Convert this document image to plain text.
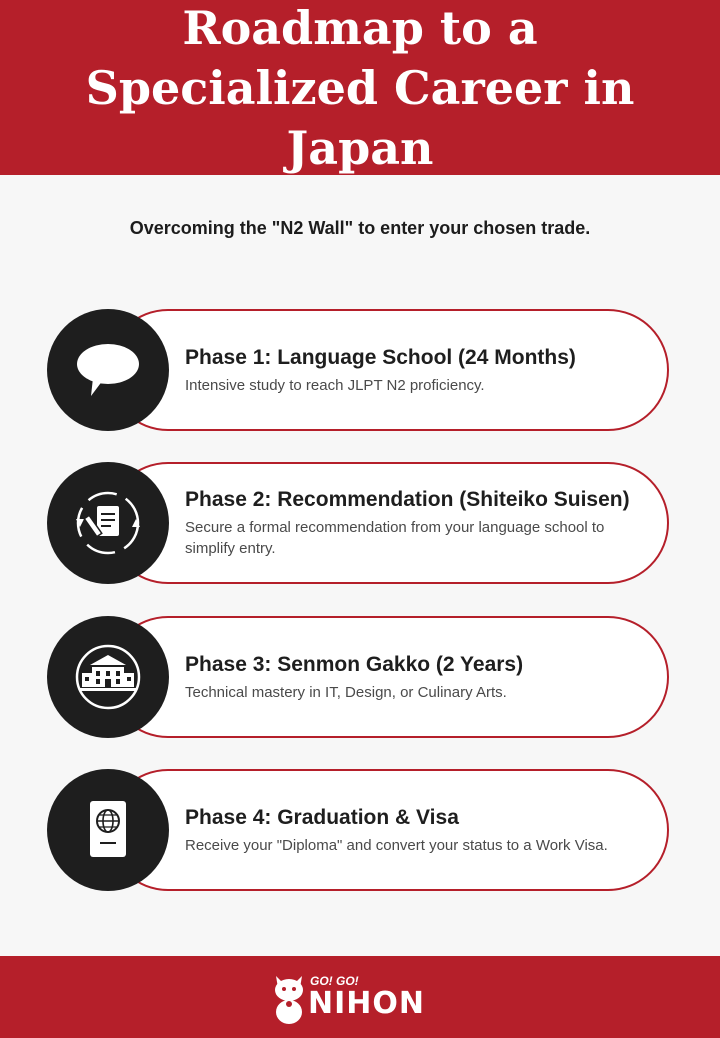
Roadmap to a Specialized Career in Japan
Overcoming the "N2 Wall" to enter your chosen trade.
Phase 1: Language School (24 Months)
Intensive study to reach JLPT N2 proficiency.
Phase 2: Recommendation (Shiteiko Suisen)
Secure a formal recommendation from your language school to simplify entry.
Phase 3: Senmon Gakko (2 Years)
Technical mastery in IT, Design, or Culinary Arts.
Phase 4: Graduation & Visa
Receive your "Diploma" and convert your status to a Work Visa.
GO! GO!
NIHON
